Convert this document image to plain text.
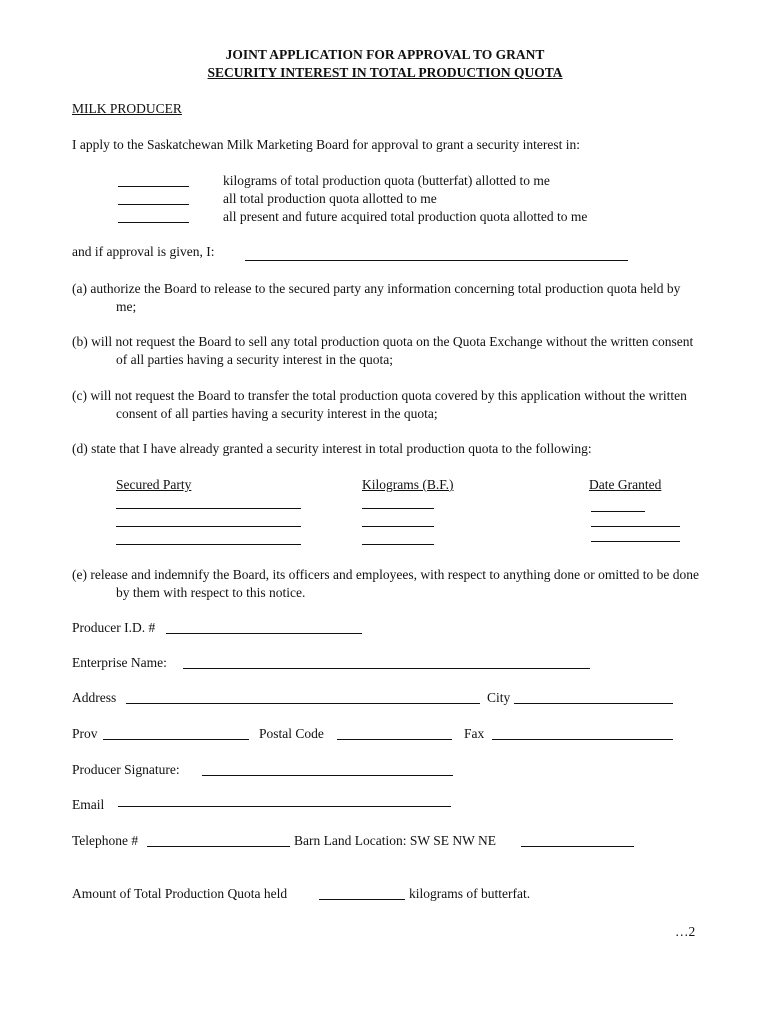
JOINT APPLICATION FOR APPROVAL TO GRANT
SECURITY INTEREST IN TOTAL PRODUCTION QUOTA
MILK PRODUCER
I apply to the Saskatchewan Milk Marketing Board for approval to grant a security interest in:
kilograms of total production quota (butterfat) allotted to me
all total production quota allotted to me
all present and future acquired total production quota allotted to me
and if approval is given, I:
(a) authorize the Board to release to the secured party any information concerning total production quota held by me;
(b) will not request the Board to sell any total production quota on the Quota Exchange without the written consent of all parties having a security interest in the quota;
(c) will not request the Board to transfer the total production quota covered by this application without the written consent of all parties having a security interest in the quota;
(d) state that I have already granted a security interest in total production quota to the following:
Secured Party	Kilograms (B.F.)	Date Granted
(e) release and indemnify the Board, its officers and employees, with respect to anything done or omitted to be done by them with respect to this notice.
Producer I.D. #
Enterprise Name:
Address	City
Prov	Postal Code	Fax
Producer Signature:
Email
Telephone #	Barn Land Location: SW SE NW NE
Amount of Total Production Quota held	kilograms of butterfat.
…2
